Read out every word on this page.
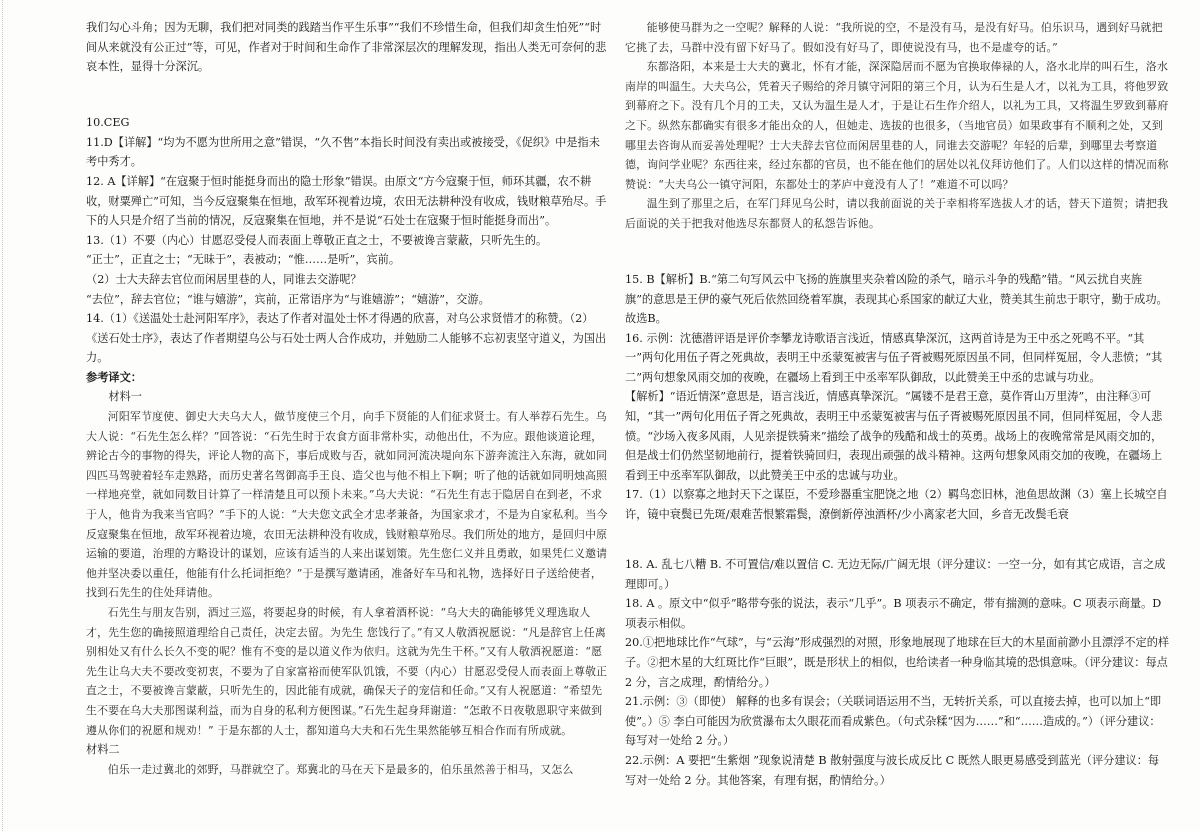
我们勾心斗角；因为无聊，我们把对同类的践踏当作平生乐事”“我们不珍惜生命，但我们却贪生怕死”“时间从来就没有公正过”等，可见，作者对于时间和生命作了非常深层次的理解发现，指出人类无可奈何的悲哀本性，显得十分深沉。

10.CEG

11.D【详解】“均为不愿为世所用之意”错误，“久不售”本指长时间没有卖出或被接受，《促织》中是指未考中秀才。

12. A【详解】“在寇聚于恒时能挺身而出的隐士形象”错误。由原文“方今寇聚于恒，师环其疆，农不耕收，财粟殚亡”可知，当今反寇聚集在恒地，敌军环视着边境，农田无法耕种没有收成，钱财粮草殆尽。手下的人只是介绍了当前的情况，反寇聚集在恒地，并不是说“石处士在寇聚于恒时能挺身而出”。

13.（1）不要（内心）甘愿忍受侵人而表面上尊敬正直之士，不要被谗言蒙蔽，只听先生的。

“正士”，正直之士；“无昧于”，表被动；“惟……是听”，宾前。

（2）士大夫辞去官位而闲居里巷的人，同谁去交游呢？

“去位”，辞去官位；“谁与嬉游”，宾前，正常语序为“与谁嬉游”；“嬉游”，交游。

14.（1）《送温处士赴河阳军序》，表达了作者对温处士怀才得遇的欣喜，对乌公求贤惜才的称赞。（2）《送石处士序》，表达了作者期望乌公与石处士两人合作成功，并勉励二人能够不忘初衷坚守道义，为国出力。

参考译文：

材料一

河阳军节度使、御史大夫乌大人，做节度使三个月，向手下贤能的人们征求贤士。有人举荐石先生。乌大人说：“石先生怎么样？”回答说：“石先生时于农食方面非常朴实，动他出仕，不为应。跟他谈道论理，辨论古今的事物的得失，评论人物的高下，事后成败与否，就如同河流决堤向东下游奔流注入东海，就如同四匹马驾驶着轻车走熟路，而历史著名驾御高手王良、造父也与他不相上下啊；听了他的话就如同明烛高照一样地亮堂，就如同数目计算了一样清楚且可以预卜未来。”乌大夫说：“石先生有志于隐居自在到老，不求于人，他肯为我来当官吗？”手下的人说：“大夫您文武全才忠孝兼备，为国家求才，不是为自家私利。当今反寇聚集在恒地，敌军环视着边境，农田无法耕种没有收成，钱财粮草殆尽。我们所处的地方，是回归中原运输的要道，治理的方略设计的谋划，应该有适当的人来出谋划策。先生您仁义并且勇敢，如果凭仁义邀请他并坚决委以重任，他能有什么托词拒绝？”于是撰写邀请函，准备好车马和礼物，选择好日子送给使者，找到石先生的住处拜请他。

石先生与朋友告别，酒过三巡，将要起身的时候，有人拿着酒杯说：“乌大夫的确能够凭义理选取人才，先生您的确接照道理给自己责任，决定去留。为先生 您饯行了。”有又人敬酒祝愿说：“凡是辞官上任离别相处又有什么长久不变的呢？惟有不变的是以道义作为依归。这就为先生干杯。”又有人敬酒祝愿道：“愿先生让乌大夫不要改变初衷，不要为了自家富裕而使军队饥饿，不要（内心）甘愿忍受侵人而表面上尊敬正直之士，不要被谗言蒙蔽，只听先生的，因此能有成就，确保天子的宠信和任命。”又有人祝愿道：“希望先生不要在乌大夫那图谋利益，而为自身的私利方便图谋。”石先生起身拜谢道：“怎敢不日夜敬恩职守来做到遵从你们的祝愿和规劝！” 于是东都的人士，都知道乌大夫和石先生果然能够互相合作而有所成就。

材料二

伯乐一走过冀北的郊野，马群就空了。郑冀北的马在天下是最多的，伯乐虽然善于相马，又怎么

能够使马群为之一空呢？解释的人说：“我所说的空，不是没有马，是没有好马。伯乐识马，遇到好马就把它挑了去，马群中没有留下好马了。假如没有好马了，即使说没有马，也不是虚夸的话。”

东都洛阳，本来是士大夫的冀北，怀有才能，深深隐居而不愿为官换取俸禄的人，洛水北岸的叫石生，洛水南岸的叫温生。大夫乌公，凭着天子赐给的斧月镇守河阳的第三个月，认为石生是人才，以礼为工具，将他罗致到幕府之下。没有几个月的工夫，又认为温生是人才，于是让石生作介绍人，以礼为工具，又将温生罗致到幕府之下。纵然东都确实有很多才能出众的人，但她走、选拔的也很多，（当地官员）如果政事有不顺利之处，又到哪里去咨询从而妥善处理呢？士大夫辞去官位而闲居里巷的人，同谁去交游呢？年轻的后辈，到哪里去考察道德，询问学业呢？东西往来，经过东都的官员，也不能在他们的居处以礼仪拜访他们了。人们以这样的情况而称赞说：“大夫乌公一镇守河阳，东都处士的茅庐中竟没有人了！”难道不可以吗？

温生到了那里之后，在军门拜见乌公时，请以我前面说的关于幸相将军选拔人才的话，替天下道贺；请把我后面说的关于把我对他选尽东都贤人的私怨告诉他。

15. B【解析】B.“第二句写风云中飞扬的旌旗里夹杂着凶险的杀气，暗示斗争的残酷”错。“风云扰自夹旌旗”的意思是王伊的豪气死后依然回绕着军旗，表现其心系国家的献辽大业，赞美其生前忠于职守，勤于成功。故选B。

16. 示例：沈德潜评语是评价李攀龙诗歌语言浅近，情感真挚深沉，这两首诗是为王中丞之死鸣不平。“其一”两句化用伍子胥之死典故，表明王中丞蒙冤被害与伍子胥被赐死原因虽不同，但同样冤屈，令人悲愤；“其二”两句想象风雨交加的夜晚，在疆场上看到王中丞率军队御敌，以此赞美王中丞的忠诚与功业。

【解析】“语近情深”意思是，语言浅近，情感真挚深沉。“属镂不是君王意，莫作胥山万里涛”，由注释③可知，“其一”两句化用伍子胥之死典故，表明王中丞蒙冤被害与伍子胥被赐死原因虽不同，但同样冤屈，令人悲愤。“沙场入夜多风雨，人见亲提铁骑来”描绘了战争的残酷和战士的英勇。战场上的夜晚常常是风雨交加的，但是战士们仍然坚韧地前行，提着铁骑回归，表现出顽强的战斗精神。这两句想象风雨交加的夜晚，在疆场上看到王中丞率军队御敌，以此赞美王中丞的忠诚与功业。

17.（1）以察寡之地封天下之谋臣，不爱珍器重宝肥饶之地（2）羁鸟恋旧林，池鱼思故渊（3）塞上长城空自许，镜中衰鬓已先斑/艰难苦恨繁霜鬓，潦倒新停浊酒杯/少小离家老大回，乡音无改鬓毛衰

18. A. 乱七八糟 B. 不可置信/难以置信 C. 无边无际/广阔无垠（评分建议：一空一分，如有其它成语，言之成理即可。）

18. A 。原文中“似乎”略带夸张的说法，表示“几乎”。B 项表示不确定，带有揣测的意味。C 项表示商量。D 项表示相似。

20.①把地球比作“气球”，与“云海”形成强烈的对照，形象地展现了地球在巨大的木星面前渺小且漂浮不定的样子。②把木星的大红斑比作“巨眼”，既是形状上的相似，也给读者一种身临其境的恐惧意味。（评分建议：每点 2 分，言之成理，酌情给分。）

21.示例：③（即使） 解释的也多有误会；（关联词语运用不当，无转折关系，可以直接去掉，也可以加上“即使”。）⑤ 李白可能因为欣赏瀑布太久眼花而看成紫色。（句式杂糅“因为……”和“……造成的。”）（评分建议：每写对一处给 2 分。）

22.示例：A 要把“生紫烟 ”现象说清楚 B 散射强度与波长成反比 C 既然人眼更易感受到蓝光（评分建议：每写对一处给 2 分。其他答案，有理有据，酌情给分。）
